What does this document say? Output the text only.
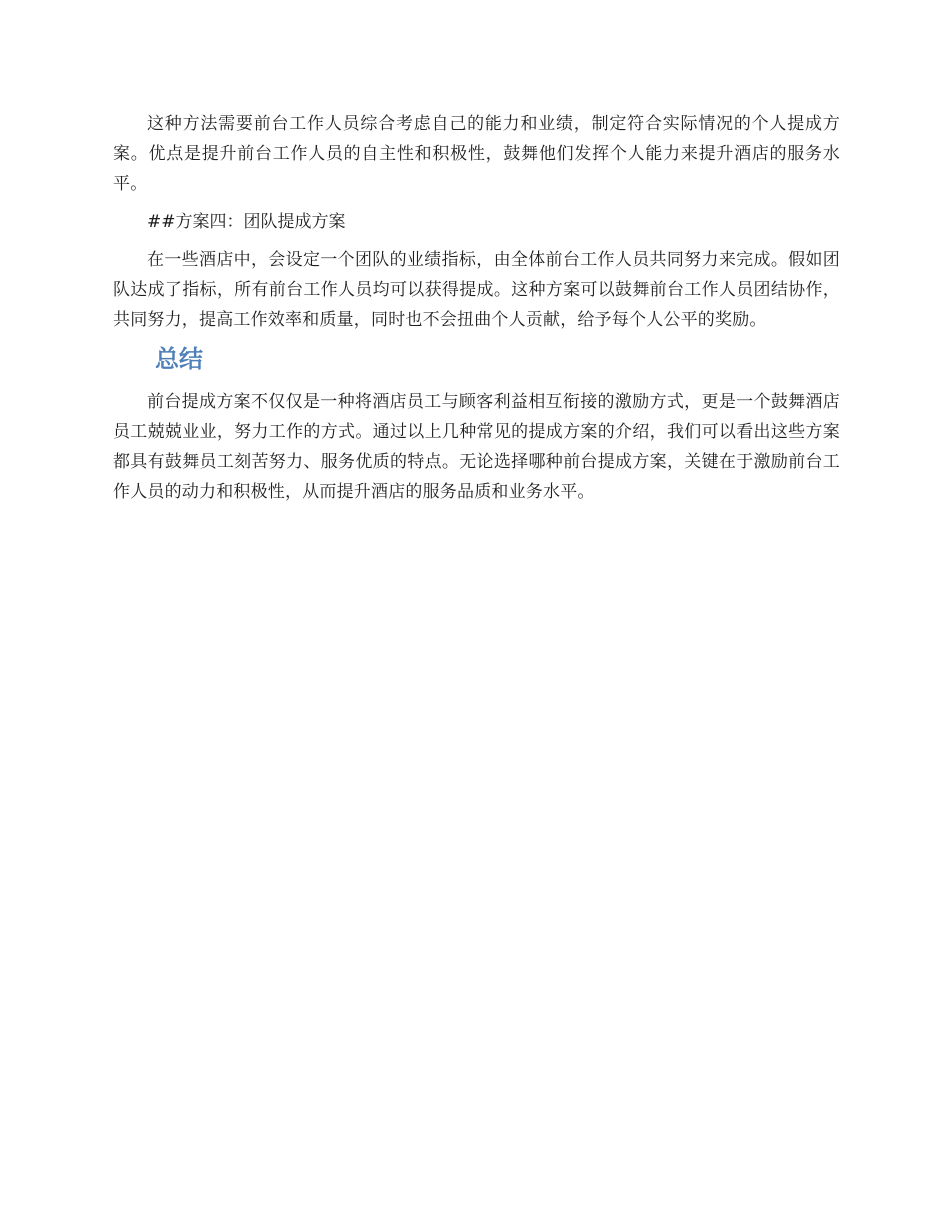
这种方法需要前台工作人员综合考虑自己的能力和业绩，制定符合实际情况的个人提成方案。优点是提升前台工作人员的自主性和积极性，鼓舞他们发挥个人能力来提升酒店的服务水平。

##方案四：团队提成方案

在一些酒店中，会设定一个团队的业绩指标，由全体前台工作人员共同努力来完成。假如团队达成了指标，所有前台工作人员均可以获得提成。这种方案可以鼓舞前台工作人员团结协作，共同努力，提高工作效率和质量，同时也不会扭曲个人贡献，给予每个人公平的奖励。

总结

前台提成方案不仅仅是一种将酒店员工与顾客利益相互衔接的激励方式，更是一个鼓舞酒店员工兢兢业业，努力工作的方式。通过以上几种常见的提成方案的介绍，我们可以看出这些方案都具有鼓舞员工刻苦努力、服务优质的特点。无论选择哪种前台提成方案，关键在于激励前台工作人员的动力和积极性，从而提升酒店的服务品质和业务水平。
